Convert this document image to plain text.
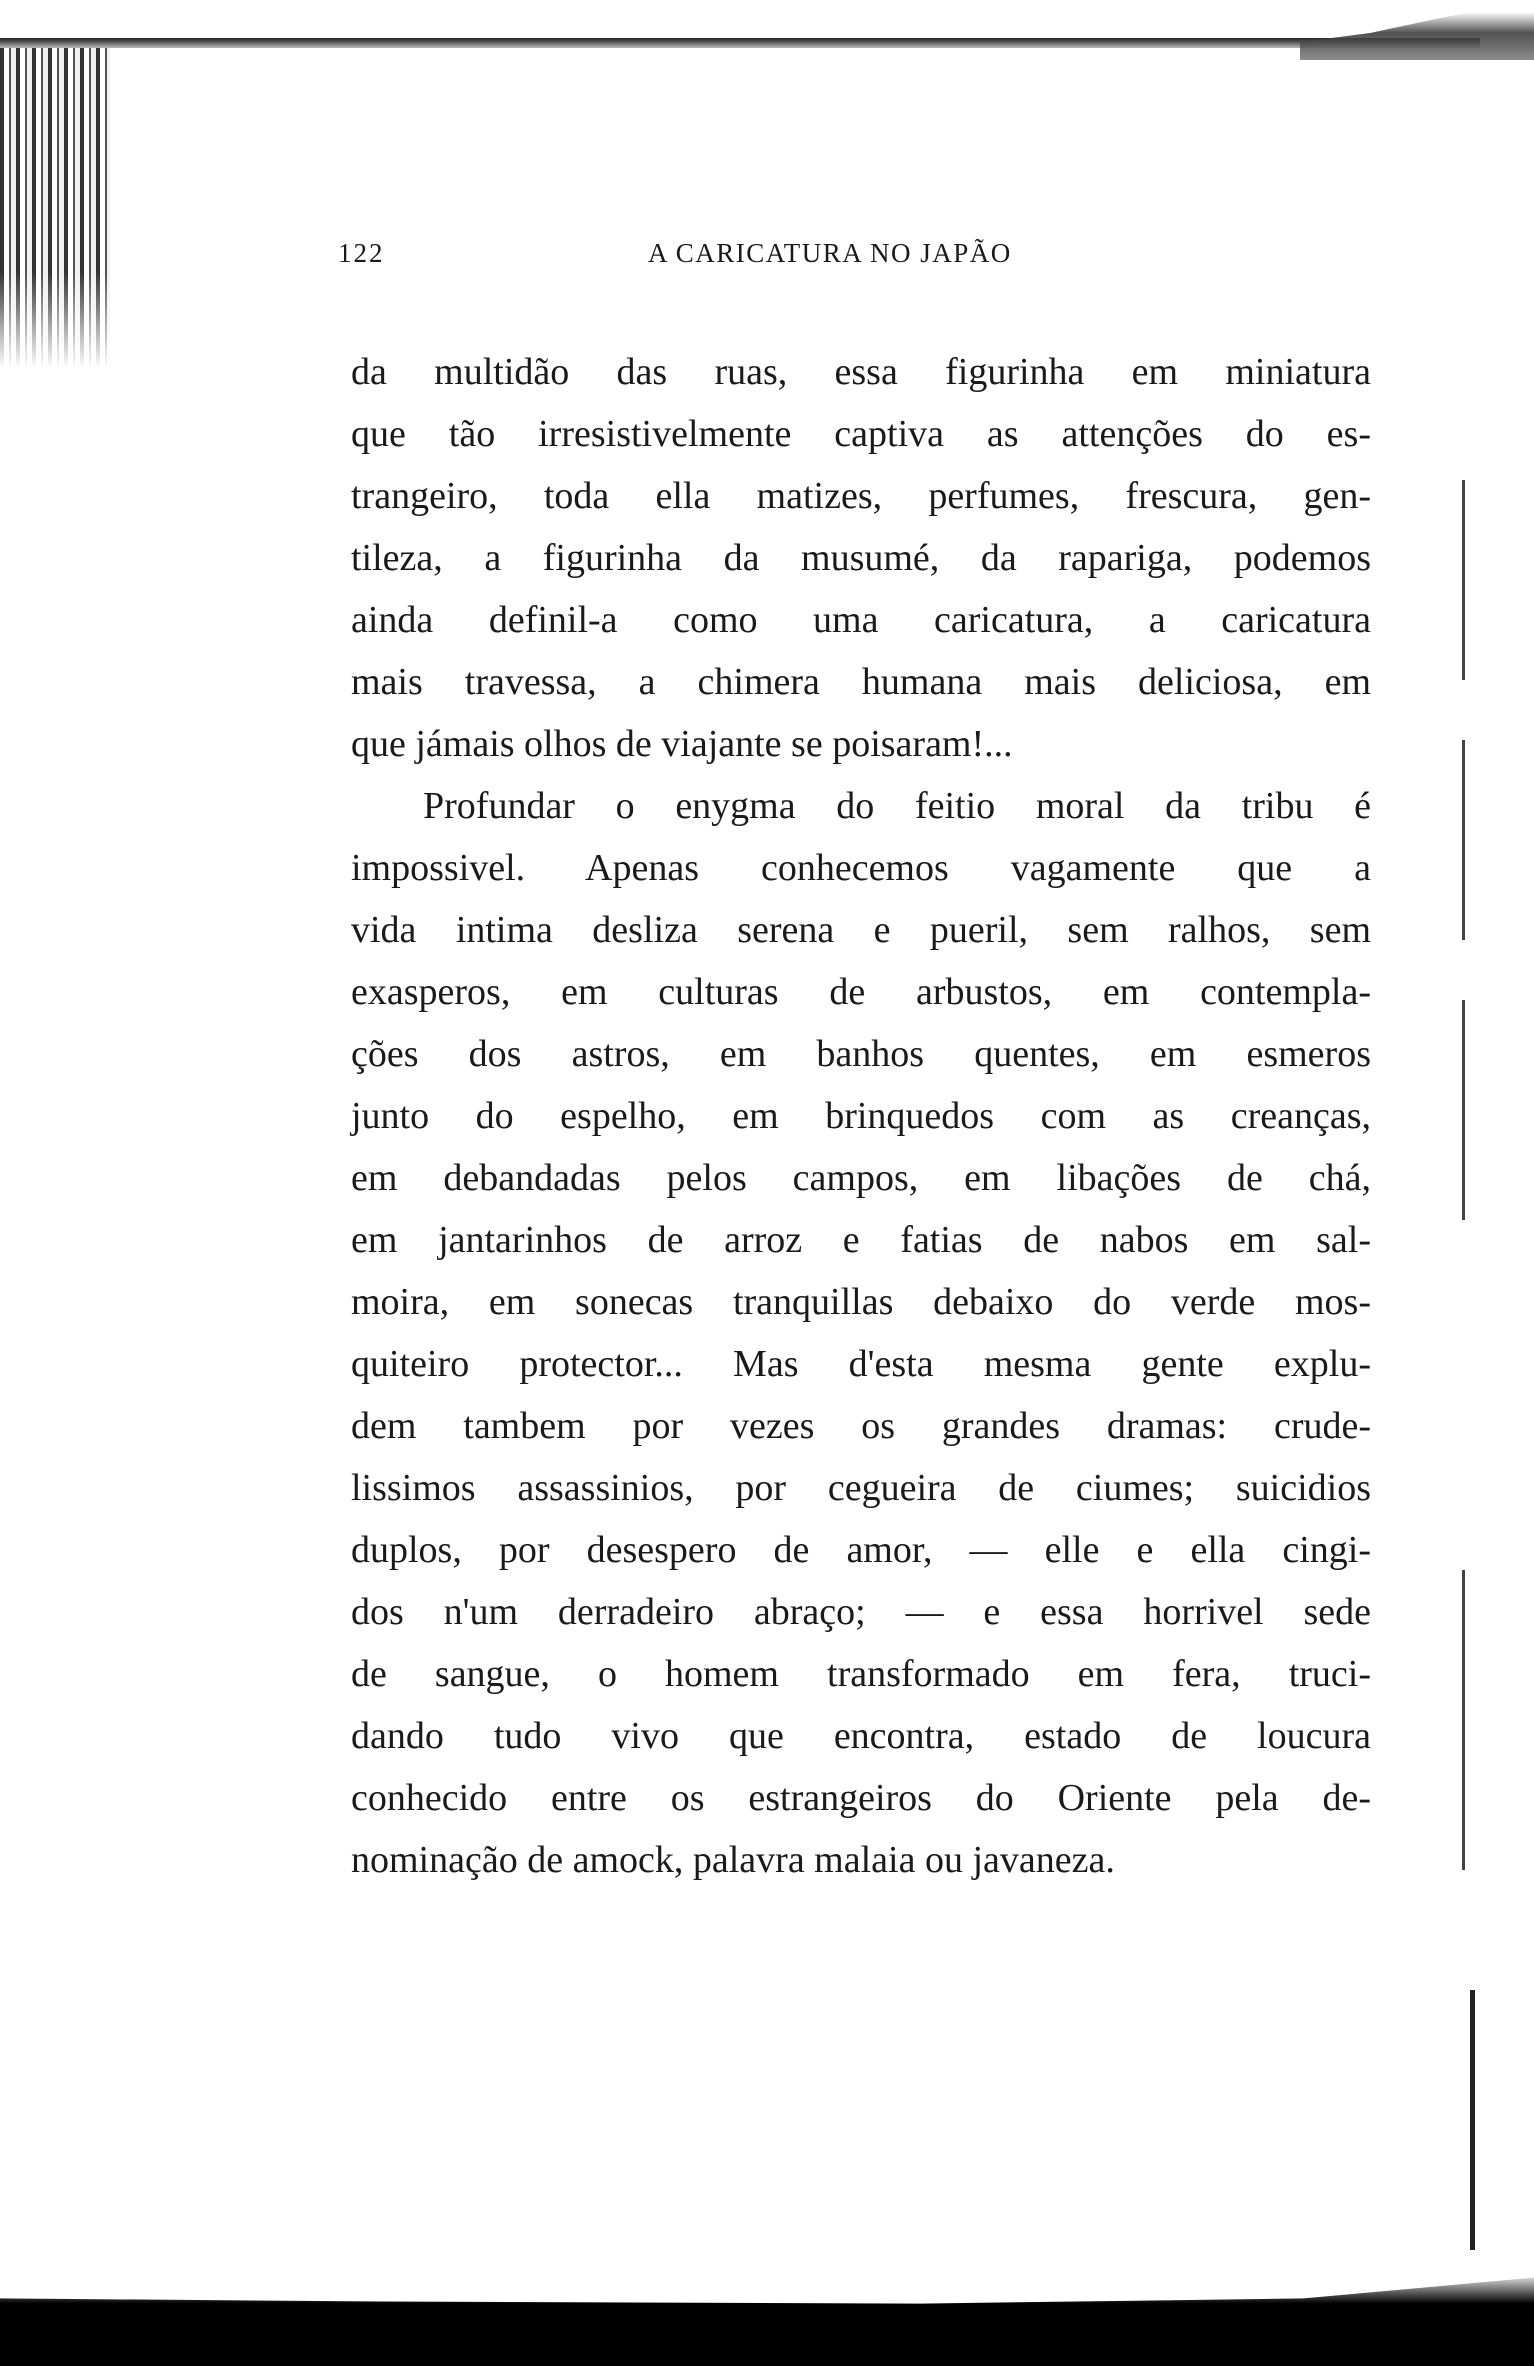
122	A CARICATURA NO JAPÃO
da multidão das ruas, essa figurinha em miniatura
que tão irresistivelmente captiva as attenções do es-
trangeiro, toda ella matizes, perfumes, frescura, gen-
tileza, a figurinha da musumé, da rapariga, podemos
ainda definil-a como uma caricatura, a caricatura
mais travessa, a chimera humana mais deliciosa, em
que jámais olhos de viajante se poisaram!...
Profundar o enygma do feitio moral da tribu é
impossivel. Apenas conhecemos vagamente que a
vida intima desliza serena e pueril, sem ralhos, sem
exasperos, em culturas de arbustos, em contempla-
ções dos astros, em banhos quentes, em esmeros
junto do espelho, em brinquedos com as creanças,
em debandadas pelos campos, em libações de chá,
em jantarinhos de arroz e fatias de nabos em sal-
moira, em sonecas tranquillas debaixo do verde mos-
quiteiro protector... Mas d'esta mesma gente explu-
dem tambem por vezes os grandes dramas: crude-
lissimos assassinios, por cegueira de ciumes; suicidios
duplos, por desespero de amor, — elle e ella cingi-
dos n'um derradeiro abraço; — e essa horrivel sede
de sangue, o homem transformado em fera, truci-
dando tudo vivo que encontra, estado de loucura
conhecido entre os estrangeiros do Oriente pela de-
nominação de amock, palavra malaia ou javaneza.
